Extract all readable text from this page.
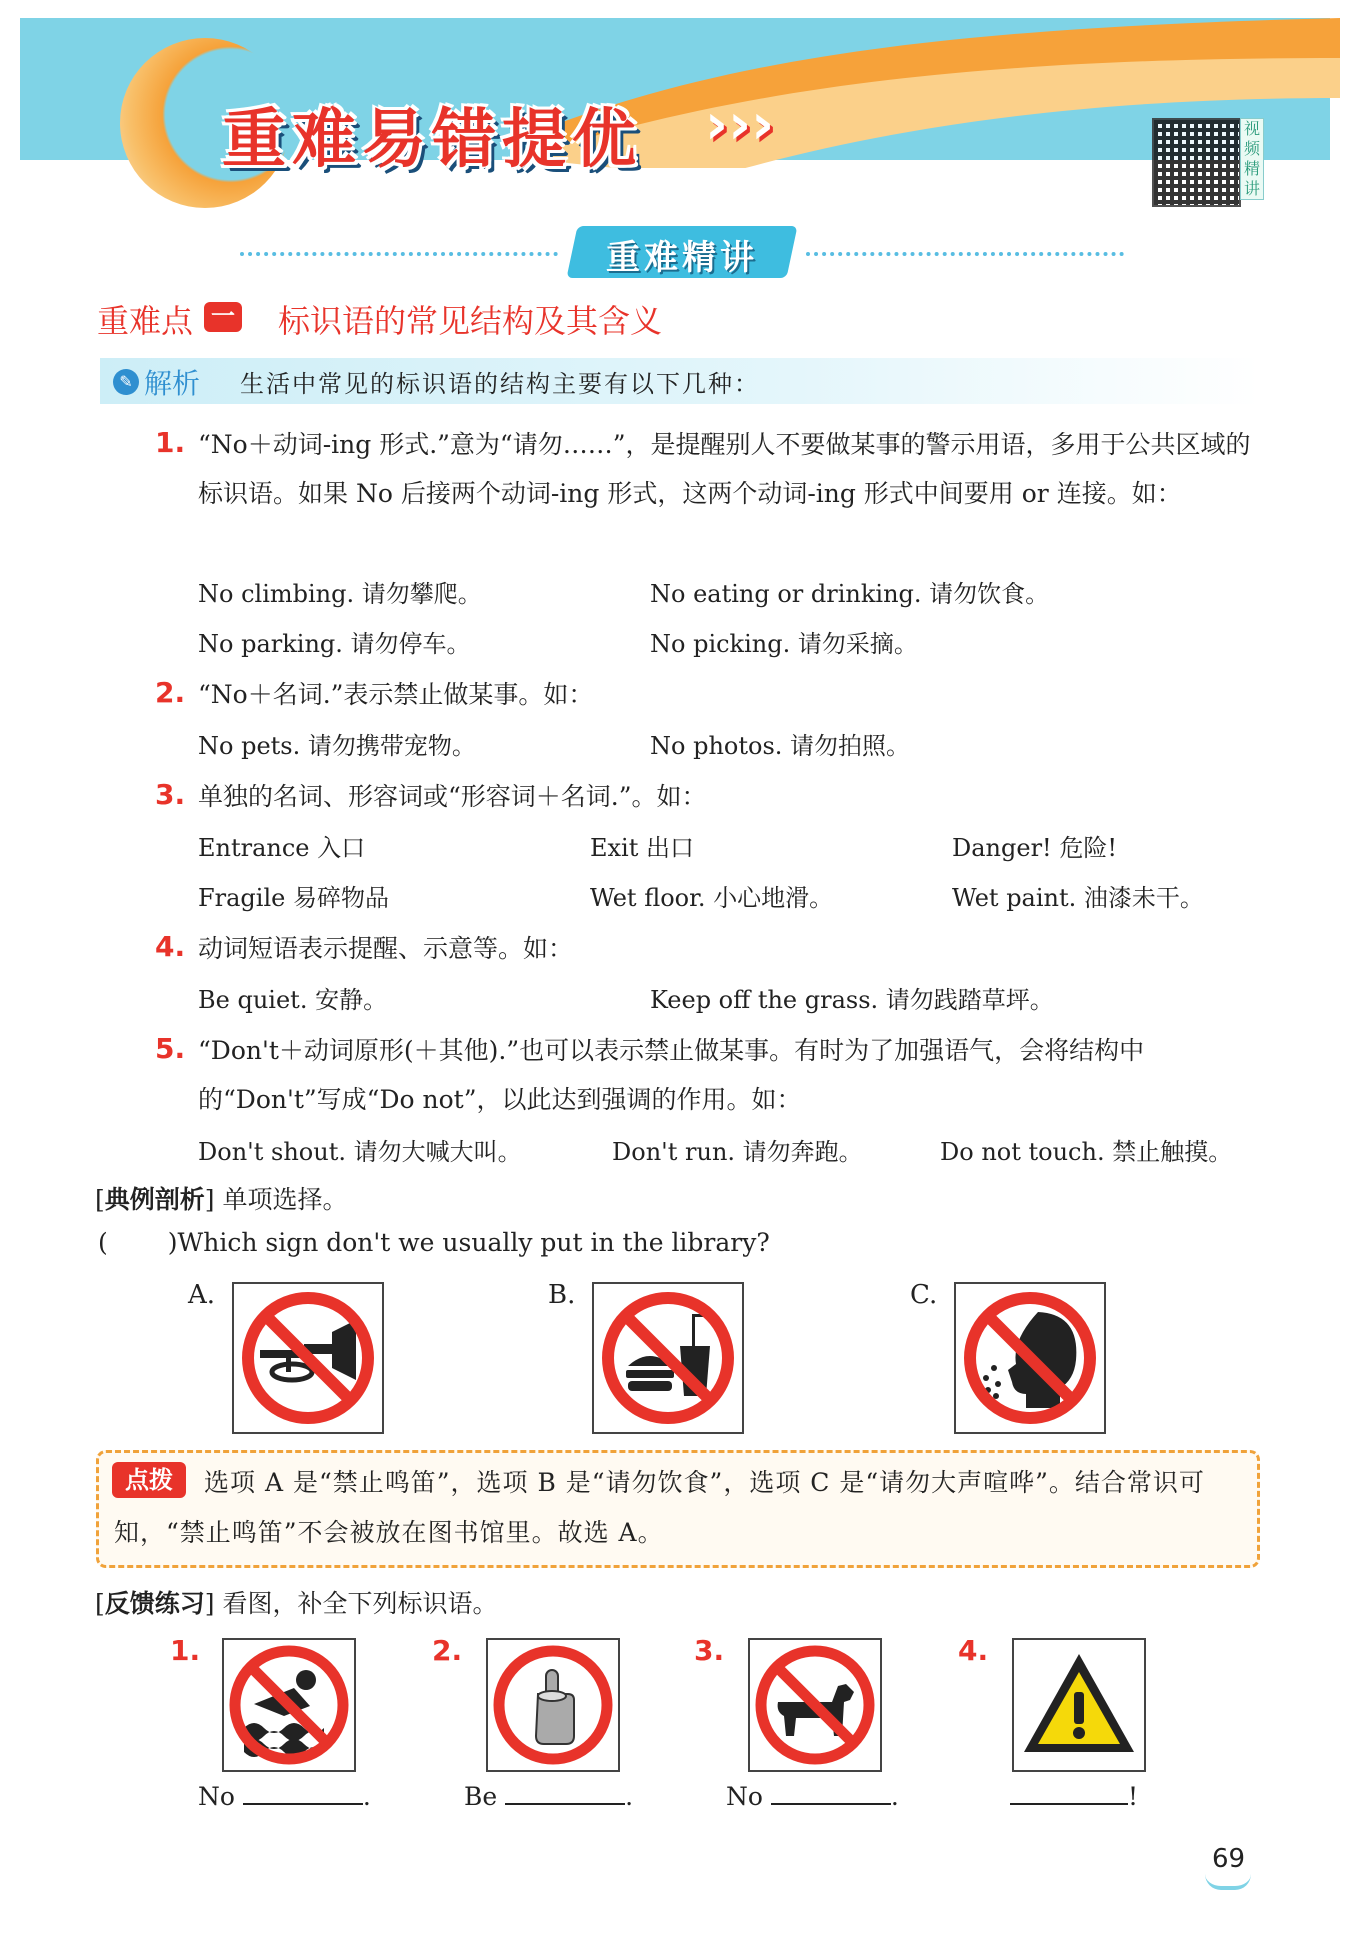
重难易错提优 ›››	视频精讲
重难精讲
重难点 一 标识语的常见结构及其含义
✎ 解析 生活中常见的标识语的结构主要有以下几种：
1. “No＋动词-ing 形式.”意为“请勿……”，是提醒别人不要做某事的警示用语，多用于公共区域的标识语。如果 No 后接两个动词-ing 形式，这两个动词-ing 形式中间要用 or 连接。如：
No climbing. 请勿攀爬。	No eating or drinking. 请勿饮食。
No parking. 请勿停车。	No picking. 请勿采摘。
2. “No＋名词.”表示禁止做某事。如：
No pets. 请勿携带宠物。	No photos. 请勿拍照。
3. 单独的名词、形容词或“形容词＋名词.”。如：
Entrance 入口	Exit 出口	Danger! 危险!
Fragile 易碎物品	Wet floor. 小心地滑。	Wet paint. 油漆未干。
4. 动词短语表示提醒、示意等。如：
Be quiet. 安静。	Keep off the grass. 请勿践踏草坪。
5. “Don't＋动词原形(＋其他).”也可以表示禁止做某事。有时为了加强语气，会将结构中的“Don't”写成“Do not”，以此达到强调的作用。如：
Don't shout. 请勿大喊大叫。	Don't run. 请勿奔跑。	Do not touch. 禁止触摸。
[典例剖析] 单项选择。
( )Which sign don't we usually put in the library?
A.	B.	C.
点拨	选项 A 是“禁止鸣笛”，选项 B 是“请勿饮食”，选项 C 是“请勿大声喧哗”。结合常识可知，“禁止鸣笛”不会被放在图书馆里。故选 A。
[反馈练习] 看图，补全下列标识语。
1.
No	.
2.
Be	.
3.
No	.
4.
!
69
